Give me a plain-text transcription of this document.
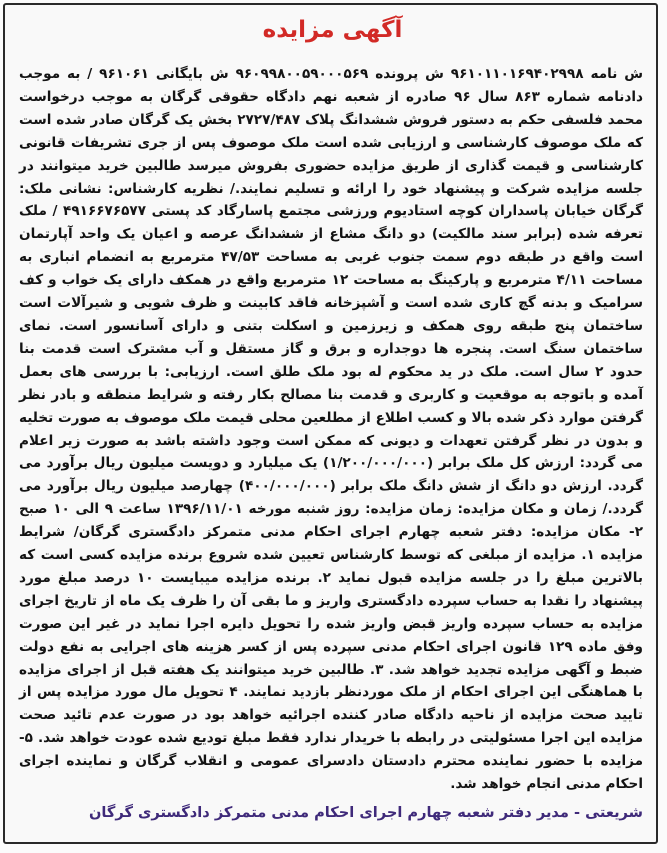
آگهی مزایده
ش نامه ۹۶۱۰۱۱۰۱۶۹۴۰۲۹۹۸ ش پرونده ۹۶۰۹۹۸۰۰۵۹۰۰۰۵۶۹ ش بایگانی ۹۶۱۰۶۱ / به موجب دادنامه شماره ۸۶۳ سال ۹۶ صادره از شعبه نهم دادگاه حقوقی گرگان به موجب درخواست محمد فلسفی حکم به دستور فروش ششدانگ پلاک ۲۷۲۷/۴۸۷ بخش یک گرگان صادر شده است که ملک موصوف کارشناسی و ارزیابی شده است ملک موصوف پس از جری تشریفات قانونی کارشناسی و قیمت گذاری از طریق مزایده حضوری بفروش میرسد طالبین خرید میتوانند در جلسه مزایده شرکت و پیشنهاد خود را ارائه و تسلیم نمایند./ نظریه کارشناس: نشانی ملک: گرگان خیابان پاسداران کوچه استادیوم ورزشی مجتمع پاسارگاد کد پستی ۴۹۱۶۶۷۶۵۷۷ / ملک تعرفه شده (برابر سند مالکیت) دو دانگ مشاع از ششدانگ عرصه و اعیان یک واحد آپارتمان است واقع در طبقه دوم سمت جنوب غربی به مساحت ۴۷/۵۳ مترمربع به انضمام انباری به مساحت ۴/۱۱ مترمربع و پارکینگ به مساحت ۱۲ مترمربع واقع در همکف دارای یک خواب و کف سرامیک و بدنه گچ کاری شده است و آشپزخانه فاقد کابینت و ظرف شویی و شیرآلات است ساختمان پنج طبقه روی همکف و زیرزمین و اسکلت بتنی و دارای آسانسور است. نمای ساختمان سنگ است. پنجره ها دوجداره و برق و گاز مستقل و آب مشترک است قدمت بنا حدود ۲ سال است. ملک در ید محکوم له بود ملک طلق است. ارزیابی: با بررسی های بعمل آمده و باتوجه به موقعیت و کاربری و قدمت بنا مصالح بکار رفته و شرایط منطقه و بادر نظر گرفتن موارد ذکر شده بالا و کسب اطلاع از مطلعین محلی قیمت ملک موصوف به صورت تخلیه و بدون در نظر گرفتن تعهدات و دیونی که ممکن است وجود داشته باشد به صورت زیر اعلام می گردد: ارزش کل ملک برابر (۱/۲۰۰/۰۰۰/۰۰۰) یک میلیارد و دویست میلیون ریال برآورد می گردد. ارزش دو دانگ از شش دانگ ملک برابر (۴۰۰/۰۰۰/۰۰۰) چهارصد میلیون ریال برآورد می گردد./ زمان و مکان مزایده: زمان مزایده: روز شنبه مورخه ۱۳۹۶/۱۱/۰۱ ساعت ۹ الی ۱۰ صبح ۲- مکان مزایده: دفتر شعبه چهارم اجرای احکام مدنی متمرکز دادگستری گرگان/ شرایط مزایده ۱. مزایده از مبلغی که توسط کارشناس تعیین شده شروع برنده مزایده کسی است که بالاترین مبلغ را در جلسه مزایده قبول نماید ۲. برنده مزایده میبایست ۱۰ درصد مبلغ مورد پیشنهاد را نقدا به حساب سپرده دادگستری واریز و ما بقی آن را ظرف یک ماه از تاریخ اجرای مزایده به حساب سپرده واریز قبض واریز شده را تحویل دایره اجرا نماید در غیر این صورت وفق ماده ۱۲۹ قانون اجرای احکام مدنی سپرده پس از کسر هزینه های اجرایی به نفع دولت ضبط و آگهی مزایده تجدید خواهد شد. ۳. طالبین خرید میتوانند یک هفته قبل از اجرای مزایده با هماهنگی این اجرای احکام از ملک موردنظر بازدید نمایند. ۴ تحویل مال مورد مزایده پس از تایید صحت مزایده از ناحیه دادگاه صادر کننده اجرائیه خواهد بود در صورت عدم تائید صحت مزایده این اجرا مسئولیتی در رابطه با خریدار ندارد فقط مبلغ تودیع شده عودت خواهد شد. ۵- مزایده با حضور نماینده محترم دادستان دادسرای عمومی و انقلاب گرگان و نماینده اجرای احکام مدنی انجام خواهد شد.
شریعتی - مدیر دفتر شعبه چهارم اجرای احکام مدنی متمرکز دادگستری گرگان
